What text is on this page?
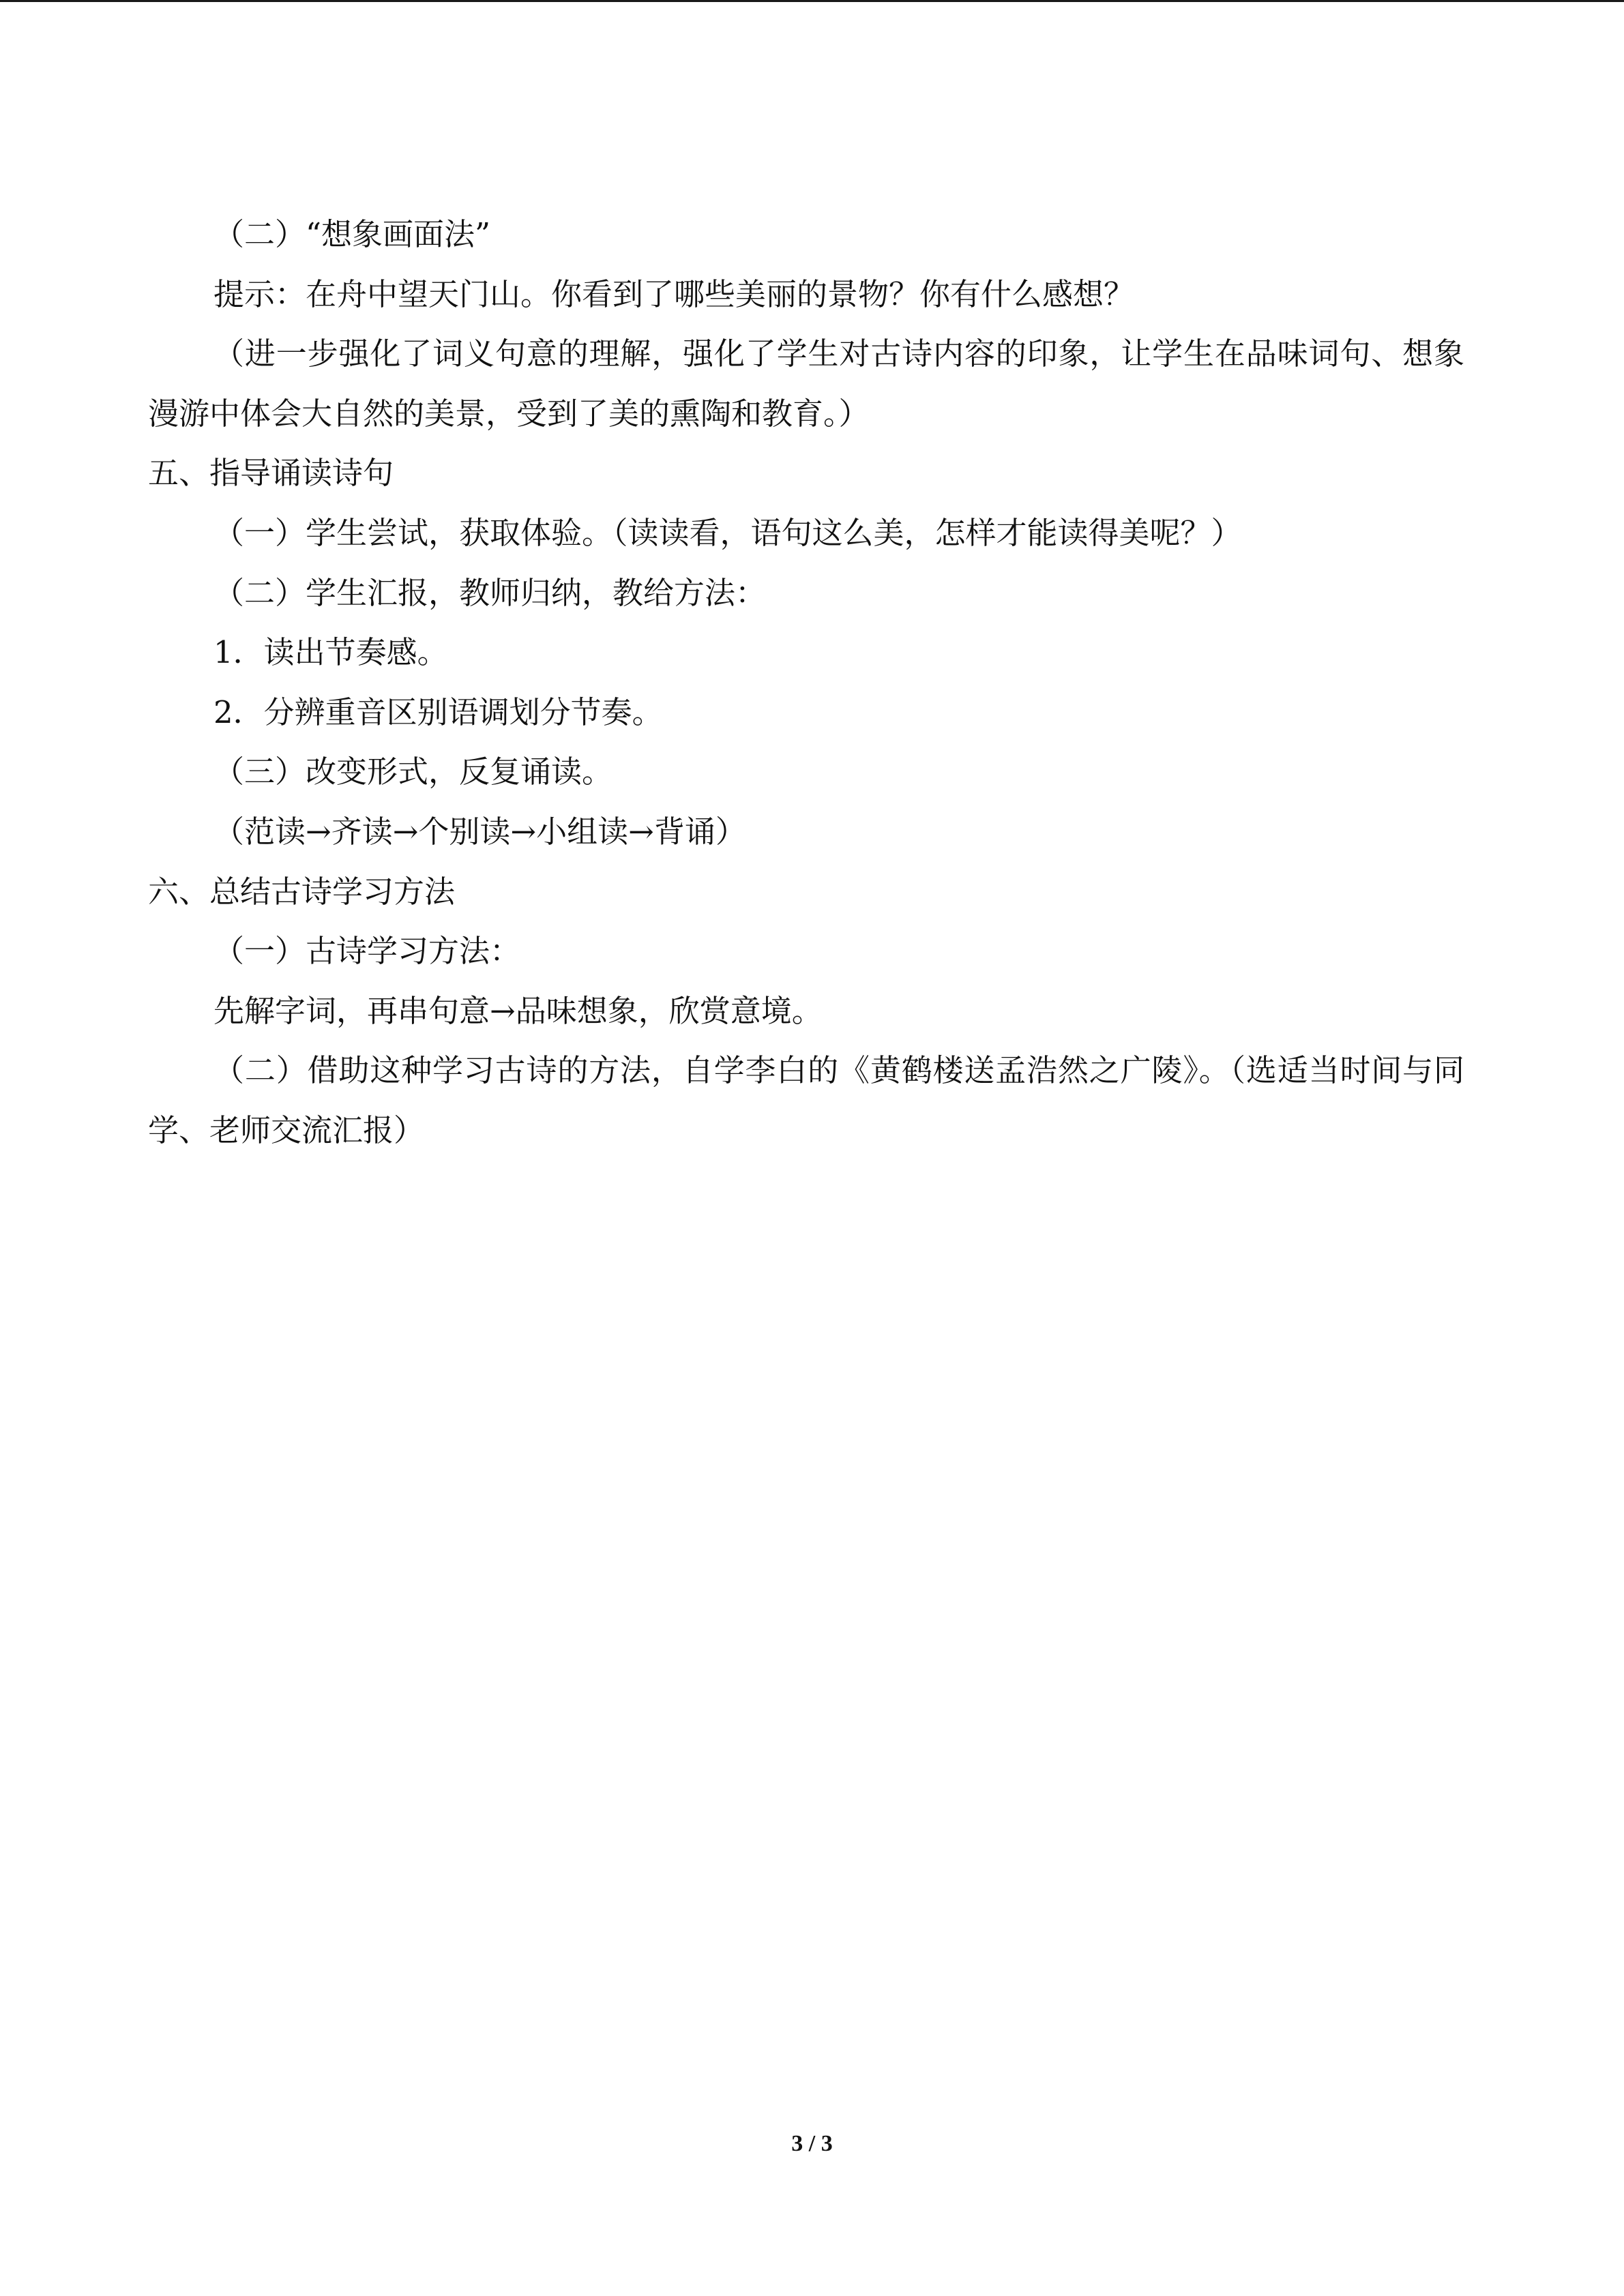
（二）“想象画面法”
提示：在舟中望天门山。你看到了哪些美丽的景物？你有什么感想？
（进一步强化了词义句意的理解，强化了学生对古诗内容的印象，让学生在品味词句、想象漫游中体会大自然的美景，受到了美的熏陶和教育。）
五、指导诵读诗句
（一）学生尝试，获取体验。（读读看，语句这么美，怎样才能读得美呢？）
（二）学生汇报，教师归纳，教给方法：
1．读出节奏感。
2．分辨重音区别语调划分节奏。
（三）改变形式，反复诵读。
（范读→齐读→个别读→小组读→背诵）
六、总结古诗学习方法
（一）古诗学习方法：
先解字词，再串句意→品味想象，欣赏意境。
（二）借助这种学习古诗的方法，自学李白的《黄鹤楼送孟浩然之广陵》。（选适当时间与同学、老师交流汇报）
3 / 3
